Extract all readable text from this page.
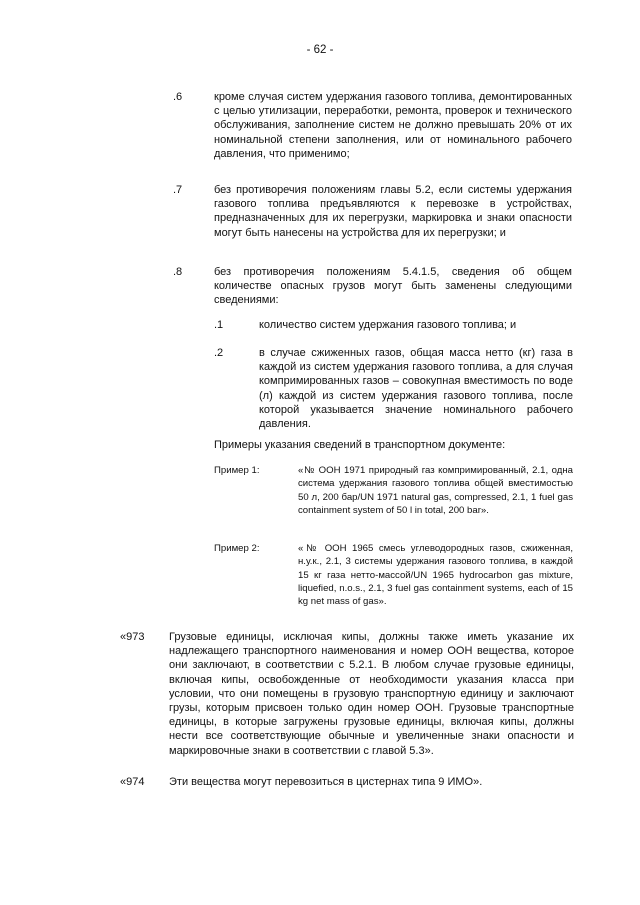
- 62 -
.6	кроме случая систем удержания газового топлива, демонтированных с целью утилизации, переработки, ремонта, проверок и технического обслуживания, заполнение систем не должно превышать 20% от их номинальной степени заполнения, или от номинального рабочего давления, что применимо;
.7	без противоречия положениям главы 5.2, если системы удержания газового топлива предъявляются к перевозке в устройствах, предназначенных для их перегрузки, маркировка и знаки опасности могут быть нанесены на устройства для их перегрузки; и
.8	без противоречия положениям 5.4.1.5, сведения об общем количестве опасных грузов могут быть заменены следующими сведениями:
.1	количество систем удержания газового топлива; и
.2	в случае сжиженных газов, общая масса нетто (кг) газа в каждой из систем удержания газового топлива, а для случая компримированных газов – совокупная вместимость по воде (л) каждой из систем удержания газового топлива, после которой указывается значение номинального рабочего давления.
Примеры указания сведений в транспортном документе:
Пример 1:	«№ ООН 1971 природный газ компримированный, 2.1, одна система удержания газового топлива общей вместимостью 50 л, 200 бар/UN 1971 natural gas, compressed, 2.1, 1 fuel gas containment system of 50 l in total, 200 bar».
Пример 2:	«№ ООН 1965 смесь углеводородных газов, сжиженная, н.у.к., 2.1, 3 системы удержания газового топлива, в каждой 15 кг газа нетто-массой/UN 1965 hydrocarbon gas mixture, liquefied, n.o.s., 2.1, 3 fuel gas containment systems, each of 15 kg net mass of gas».
«973 Грузовые единицы, исключая кипы, должны также иметь указание их надлежащего транспортного наименования и номер ООН вещества, которое они заключают, в соответствии с 5.2.1. В любом случае грузовые единицы, включая кипы, освобожденные от необходимости указания класса при условии, что они помещены в грузовую транспортную единицу и заключают грузы, которым присвоен только один номер ООН. Грузовые транспортные единицы, в которые загружены грузовые единицы, включая кипы, должны нести все соответствующие обычные и увеличенные знаки опасности и маркировочные знаки в соответствии с главой 5.3».
«974 Эти вещества могут перевозиться в цистернах типа 9 ИМО».
